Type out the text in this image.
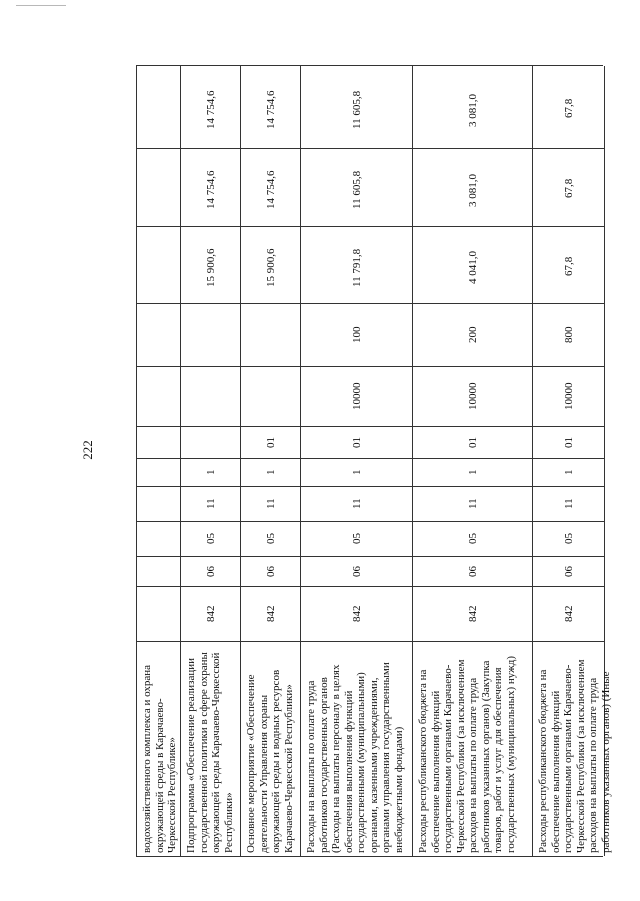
222
водохозяйственного комплекса и охрана
окружающей среды в Карачаево-
Черкесской Республике»
14 754,6
14 754,6
15 900,6
1
11
05
06
842
Подпрограмма «Обеспечение реализации
государственной политики в сфере охраны
окружающей среды Карачаево-Черкесской
Республики»
14 754,6
14 754,6
15 900,6
01
1
11
05
06
842
Основное мероприятие «Обеспечение
деятельности Управления охраны
окружающей среды и водных ресурсов
Карачаево-Черкесской Республики»
11 605,8
11 605,8
11 791,8
100
10000
01
1
11
05
06
842
Расходы на выплаты по оплате труда
работников государственных органов
(Расходы на выплаты персоналу в целях
обеспечения выполнения функций
государственными (муниципальными)
органами, казенными учреждениями,
органами управления государственными
внебюджетными фондами)
3 081,0
3 081,0
4 041,0
200
10000
01
1
11
05
06
842
Расходы республиканского бюджета на
обеспечение выполнения функций
государственными органами Карачаево-
Черкесской Республики (за исключением
расходов на выплаты по оплате труда
работников указанных органов) (Закупка
товаров, работ и услуг для обеспечения
государственных (муниципальных) нужд)
67,8
67,8
67,8
800
10000
01
1
11
05
06
842
Расходы республиканского бюджета на
обеспечение выполнения функций
государственными органами Карачаево-
Черкесской Республики (за исключением
расходов на выплаты по оплате труда
работников указанных органов) (Иные
